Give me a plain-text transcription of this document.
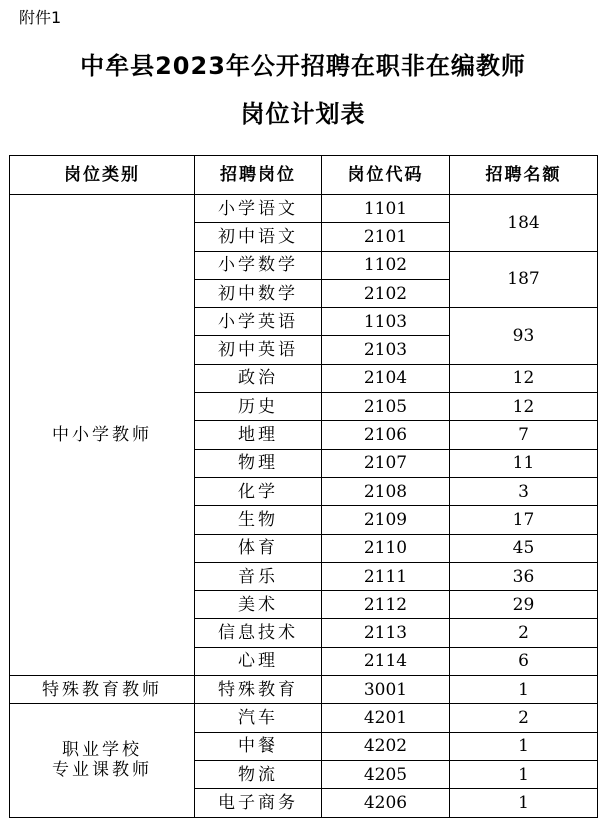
附件1
中牟县2023年公开招聘在职非在编教师
岗位计划表
岗位类别	招聘岗位	岗位代码	招聘名额

中小学教师	小学语文	1101	184
	初中语文	2101	
	小学数学	1102	187
	初中数学	2102	
	小学英语	1103	93
	初中英语	2103	
	政治	2104	12
	历史	2105	12
	地理	2106	7
	物理	2107	11
	化学	2108	3
	生物	2109	17
	体育	2110	45
	音乐	2111	36
	美术	2112	29
	信息技术	2113	2
	心理	2114	6

特殊教育教师	特殊教育	3001	1

职业学校
专业课教师	汽车	4201	2
	中餐	4202	1
	物流	4205	1
	电子商务	4206	1
